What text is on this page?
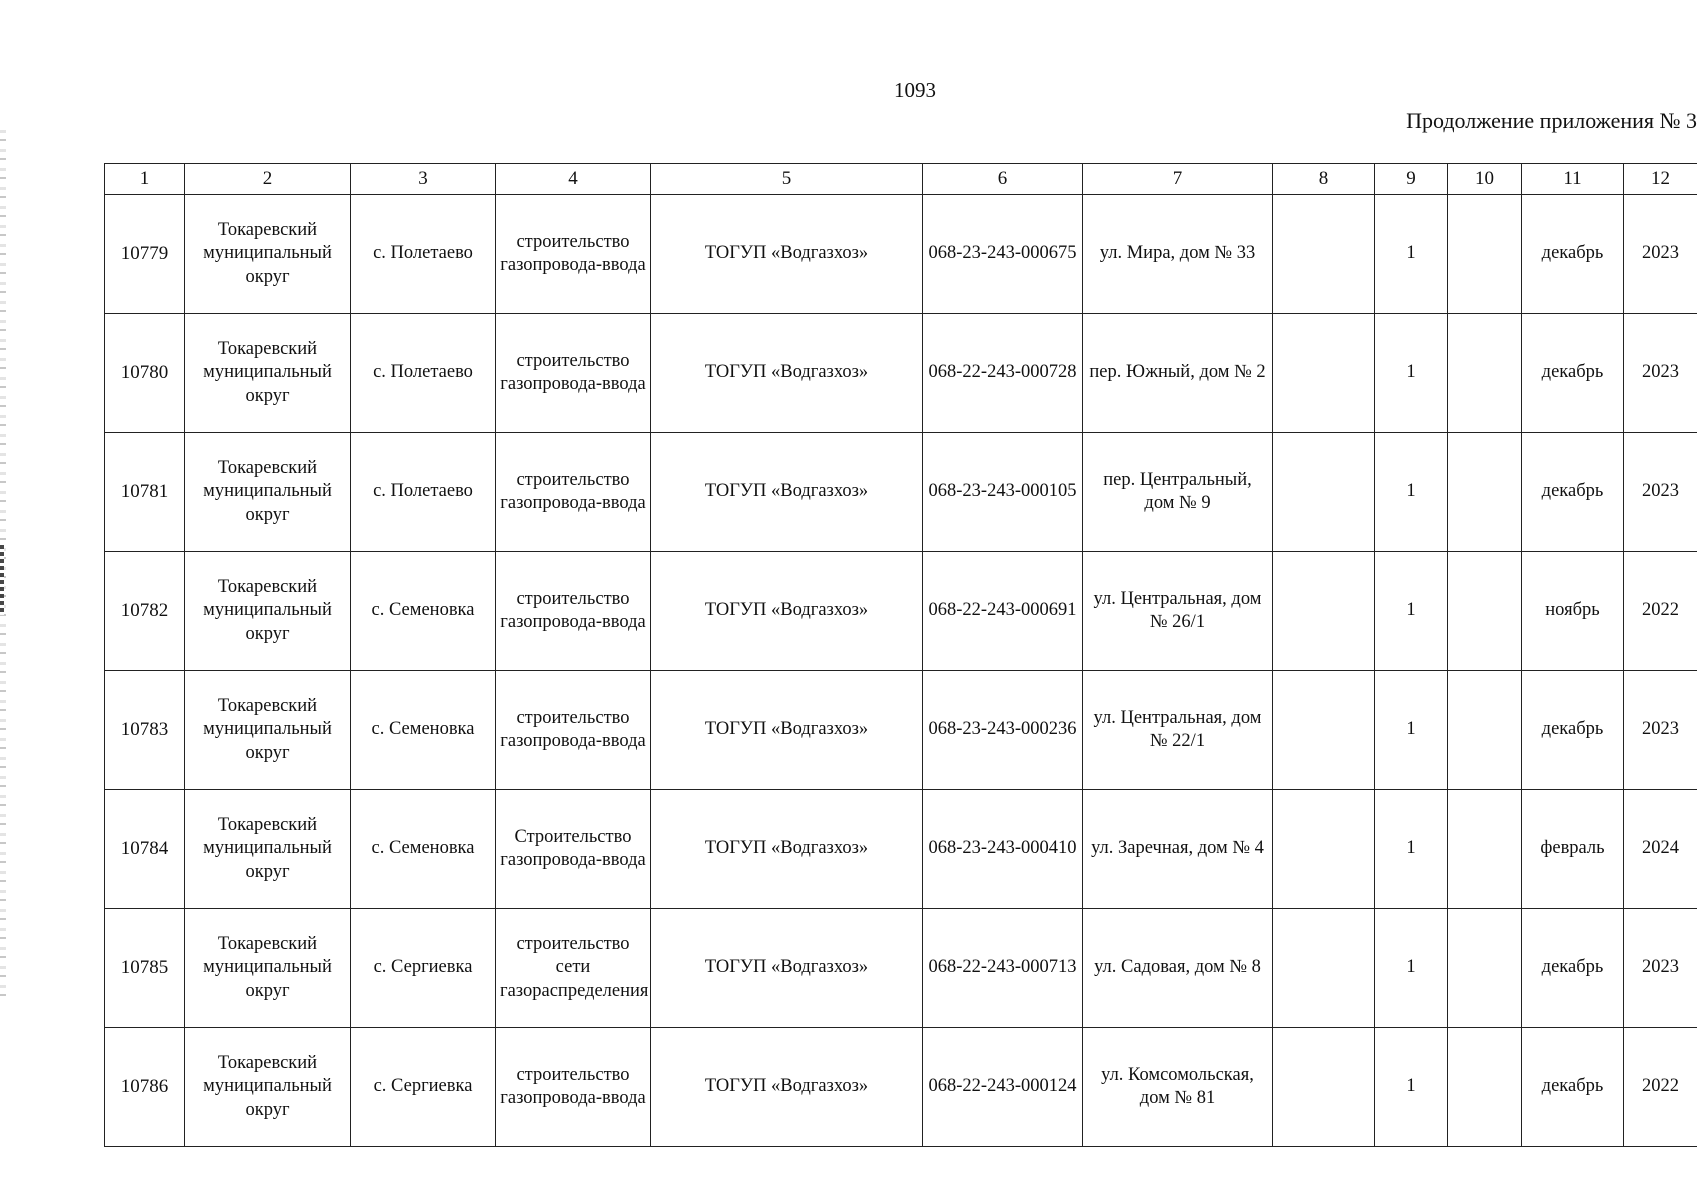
1093
Продолжение приложения № 3
1	2	3	4	5	6	7	8	9	10	11	12
10779	Токаревский муниципальный округ	с. Полетаево	строительство газопровода-ввода	ТОГУП «Водгазхоз»	068-23-243-000675	ул. Мира, дом № 33		1		декабрь	2023
10780	Токаревский муниципальный округ	с. Полетаево	строительство газопровода-ввода	ТОГУП «Водгазхоз»	068-22-243-000728	пер. Южный, дом № 2		1		декабрь	2023
10781	Токаревский муниципальный округ	с. Полетаево	строительство газопровода-ввода	ТОГУП «Водгазхоз»	068-23-243-000105	пер. Центральный, дом № 9		1		декабрь	2023
10782	Токаревский муниципальный округ	с. Семеновка	строительство газопровода-ввода	ТОГУП «Водгазхоз»	068-22-243-000691	ул. Центральная, дом № 26/1		1		ноябрь	2022
10783	Токаревский муниципальный округ	с. Семеновка	строительство газопровода-ввода	ТОГУП «Водгазхоз»	068-23-243-000236	ул. Центральная, дом № 22/1		1		декабрь	2023
10784	Токаревский муниципальный округ	с. Семеновка	Строительство газопровода-ввода	ТОГУП «Водгазхоз»	068-23-243-000410	ул. Заречная, дом № 4		1		февраль	2024
10785	Токаревский муниципальный округ	с. Сергиевка	строительство сети газораспределения	ТОГУП «Водгазхоз»	068-22-243-000713	ул. Садовая, дом № 8		1		декабрь	2023
10786	Токаревский муниципальный округ	с. Сергиевка	строительство газопровода-ввода	ТОГУП «Водгазхоз»	068-22-243-000124	ул. Комсомольская, дом № 81		1		декабрь	2022
